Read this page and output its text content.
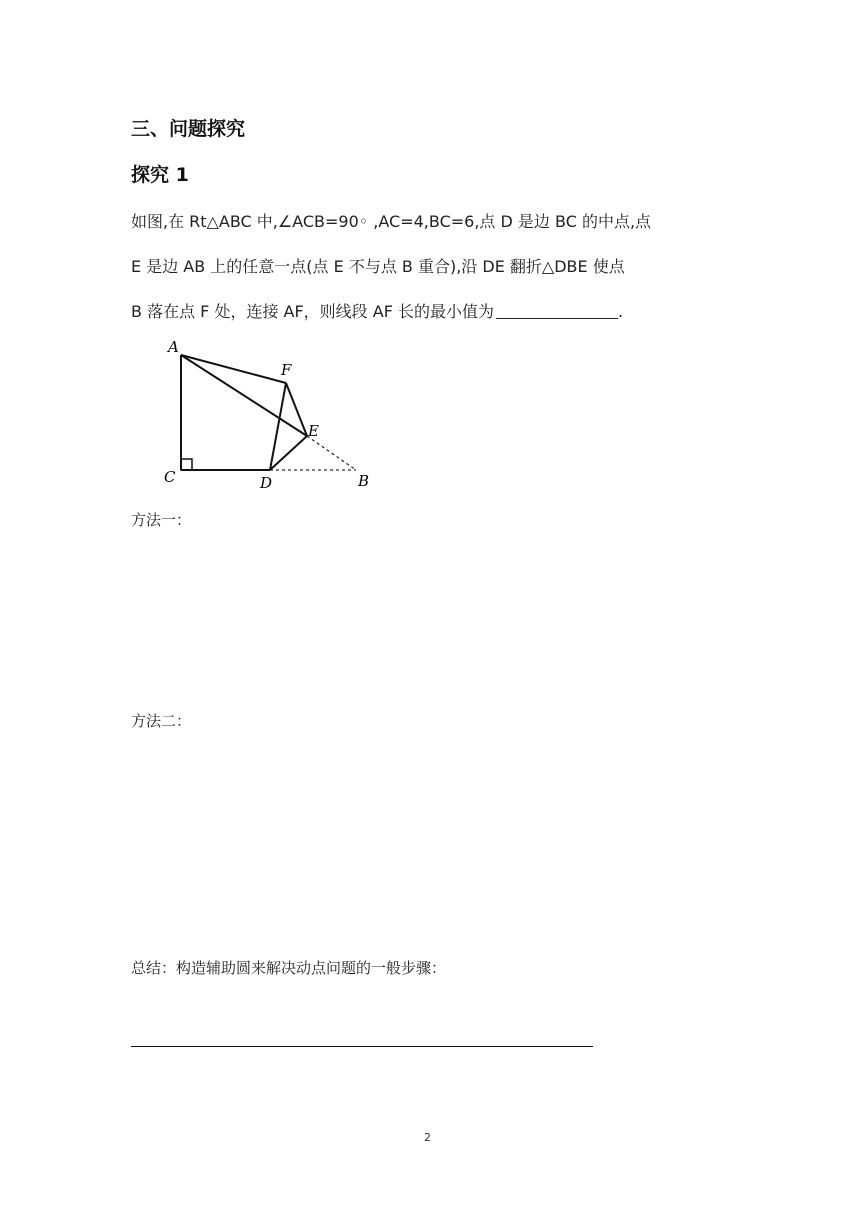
三、问题探究
探究 1
如图,在 Rt△ABC 中,∠ACB=90◦ ,AC=4,BC=6,点 D 是边 BC 的中点,点
E 是边 AB 上的任意一点(点 E 不与点 B 重合),沿 DE 翻折△DBE 使点
B 落在点 F 处，连接 AF，则线段 AF 长的最小值为	.
A
C	D	B
E
F
方法一：
方法二：
总结：构造辅助圆来解决动点问题的一般步骤：
2
